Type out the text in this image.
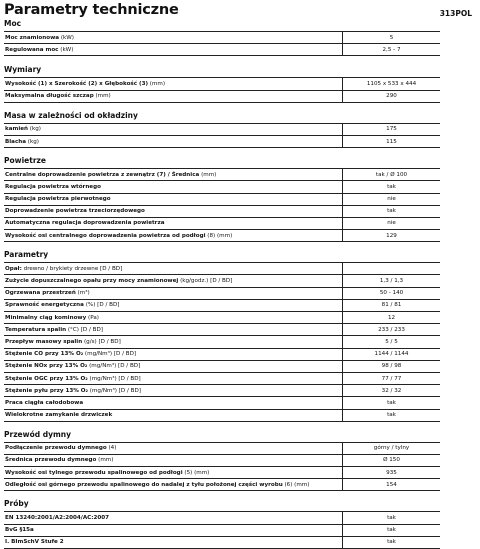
Parametry techniczne	313POL
Moc
Moc znamionowa (kW)	5
Regulowana moc (kW)	2,5 - 7
Wymiary
Wysokość (1) x Szerokość (2) x Głębokość (3) (mm)	1105 x 533 x 444
Maksymalna długość szczap (mm)	290
Masa w zależności od okładziny
kamień (kg)	175
Blacha (kg)	115
Powietrze
Centralne doprowadzenie powietrza z zewnątrz (7) / Średnica (mm)	tak / Ø 100
Regulacja powietrza wtórnego	tak
Regulacja powietrza pierwotnego	nie
Doprowadzenie powietrza trzeciorzędowego	tak
Automatyczna regulacja doprowadzenia powietrza	nie
Wysokość osi centralnego doprowadzenia powietrza od podłogi (8) (mm)	129
Parametry
Opał: drewno / brykiety drzewne [D / BD]	
Zużycie dopuszczalnego opału przy mocy znamionowej (kg/godz.) [D / BD]	1,3 / 1,3
Ogrzewana przestrzeń (m³)	50 - 140
Sprawność energetyczna (%) [D / BD]	81 / 81
Minimalny ciąg kominowy (Pa)	12
Temperatura spalin (°C) [D / BD]	233 / 233
Przepływ masowy spalin (g/s) [D / BD]	5 / 5
Stężenie CO przy 13% O₂ (mg/Nm³) [D / BD]	1144 / 1144
Stężenie NOx przy 13% O₂ (mg/Nm³) [D / BD]	98 / 98
Stężenie OGC przy 13% O₂ (mg/Nm³) [D / BD]	77 / 77
Stężenie pyłu przy 13% O₂ (mg/Nm³) [D / BD]	32 / 32
Praca ciągła całodobowa	tak
Wielokrotne zamykanie drzwiczek	tak
Przewód dymny
Podłączenie przewodu dymnego (4)	górny / tylny
Średnica przewodu dymnego (mm)	Ø 150
Wysokość osi tylnego przewodu spalinowego od podłogi (5) (mm)	935
Odległość osi górnego przewodu spalinowego do nadalej z tyłu położonej części wyrobu (6) (mm)	154
Próby
EN 13240:2001/A2:2004/AC:2007	tak
BvG §15a	tak
I. BImSchV Stufe 2	tak
